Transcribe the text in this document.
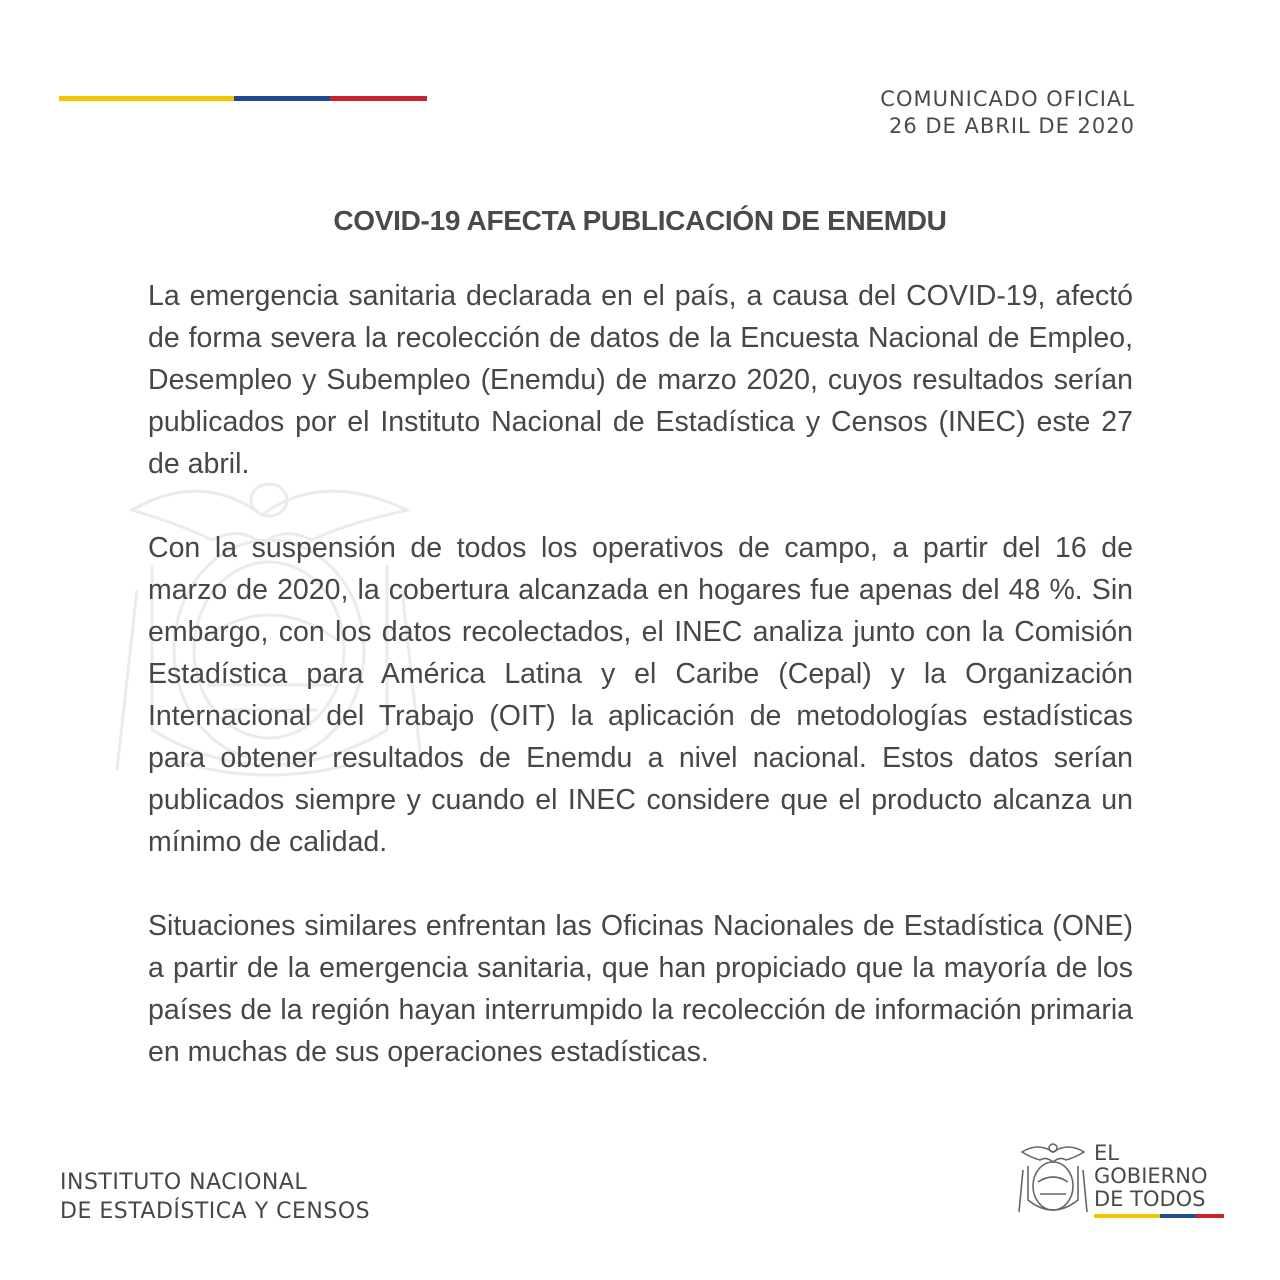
COMUNICADO OFICIAL
26 DE ABRIL DE 2020
COVID-19 AFECTA PUBLICACIÓN DE ENEMDU

La emergencia sanitaria declarada en el país, a causa del COVID-19, afectó de forma severa la recolección de datos de la Encuesta Nacional de Empleo, Desempleo y Subempleo (Enemdu) de marzo 2020, cuyos resultados serían publicados por el Instituto Nacional de Estadística y Censos (INEC) este 27 de abril.

Con la suspensión de todos los operativos de campo, a partir del 16 de marzo de 2020, la cobertura alcanzada en hogares fue apenas del 48 %. Sin embargo, con los datos recolectados, el INEC analiza junto con la Comisión Estadística para América Latina y el Caribe (Cepal) y la Organización Internacional del Trabajo (OIT) la aplicación de metodologías estadísticas para obtener resultados de Enemdu a nivel nacional. Estos datos serían publicados siempre y cuando el INEC considere que el producto alcanza un mínimo de calidad.

Situaciones similares enfrentan las Oficinas Nacionales de Estadística (ONE) a partir de la emergencia sanitaria, que han propiciado que la mayoría de los países de la región hayan interrumpido la recolección de información primaria en muchas de sus operaciones estadísticas.

INSTITUTO NACIONAL
DE ESTADÍSTICA Y CENSOS
EL
GOBIERNO
DE TODOS
